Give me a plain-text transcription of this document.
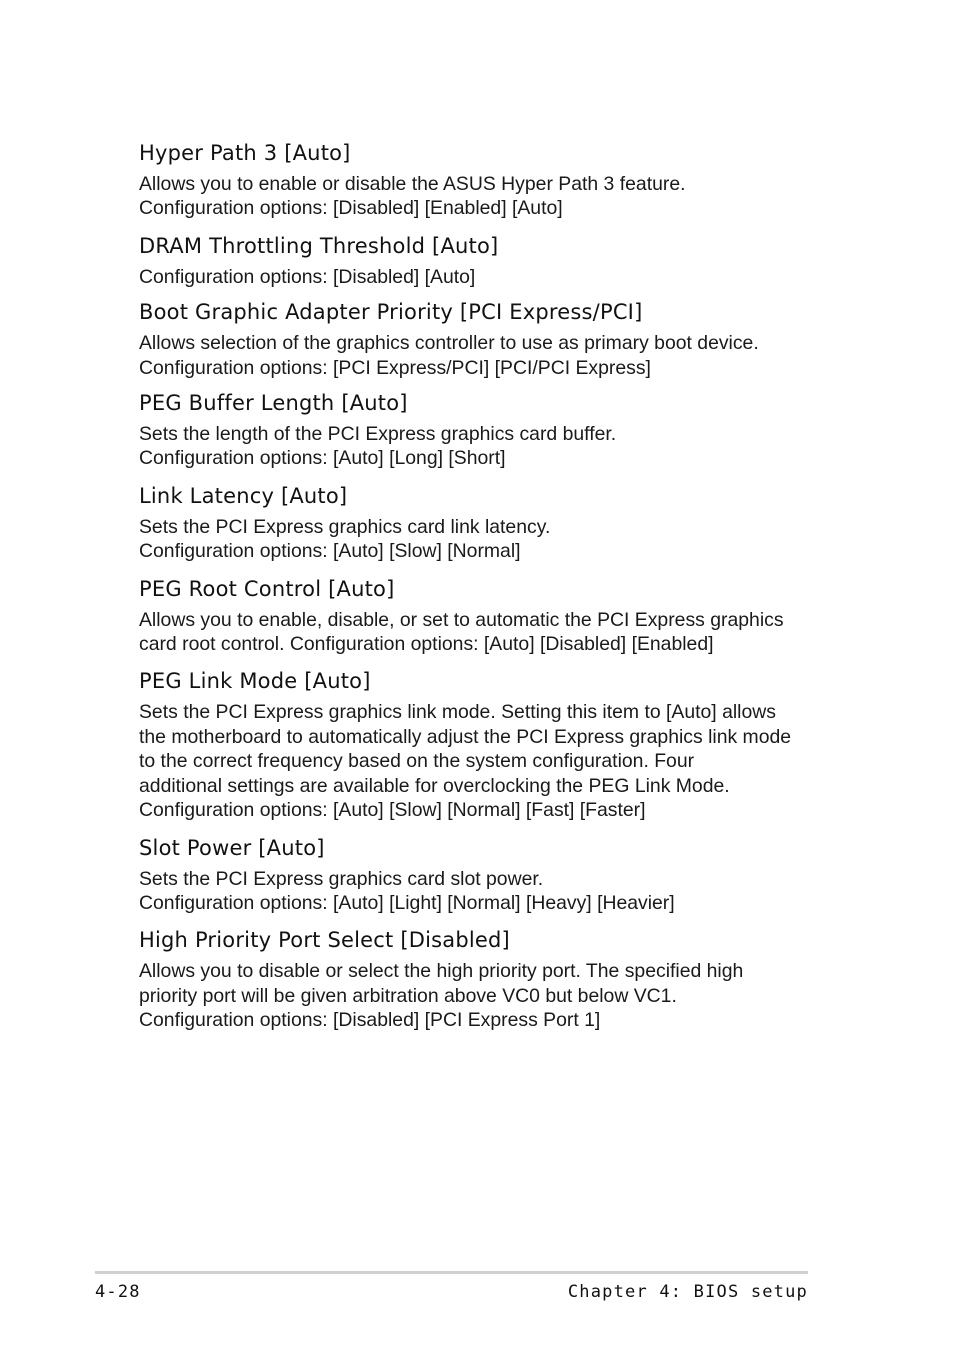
Hyper Path 3 [Auto]

Allows you to enable or disable the ASUS Hyper Path 3 feature.
Configuration options: [Disabled] [Enabled] [Auto]

DRAM Throttling Threshold [Auto]

Configuration options: [Disabled] [Auto]

Boot Graphic Adapter Priority [PCI Express/PCI]

Allows selection of the graphics controller to use as primary boot device.
Configuration options: [PCI Express/PCI] [PCI/PCI Express]

PEG Buffer Length [Auto]

Sets the length of the PCI Express graphics card buffer.
Configuration options: [Auto] [Long] [Short]

Link Latency [Auto]

Sets the PCI Express graphics card link latency.
Configuration options: [Auto] [Slow] [Normal]

PEG Root Control [Auto]

Allows you to enable, disable, or set to automatic the PCI Express graphics
card root control. Configuration options: [Auto] [Disabled] [Enabled]

PEG Link Mode [Auto]

Sets the PCI Express graphics link mode. Setting this item to [Auto] allows
the motherboard to automatically adjust the PCI Express graphics link mode
to the correct frequency based on the system configuration. Four
additional settings are available for overclocking the PEG Link Mode.
Configuration options: [Auto] [Slow] [Normal] [Fast] [Faster]

Slot Power [Auto]

Sets the PCI Express graphics card slot power.
Configuration options: [Auto] [Light] [Normal] [Heavy] [Heavier]

High Priority Port Select [Disabled]

Allows you to disable or select the high priority port. The specified high
priority port will be given arbitration above VC0 but below VC1.
Configuration options: [Disabled] [PCI Express Port 1]

4-28	Chapter 4: BIOS setup
